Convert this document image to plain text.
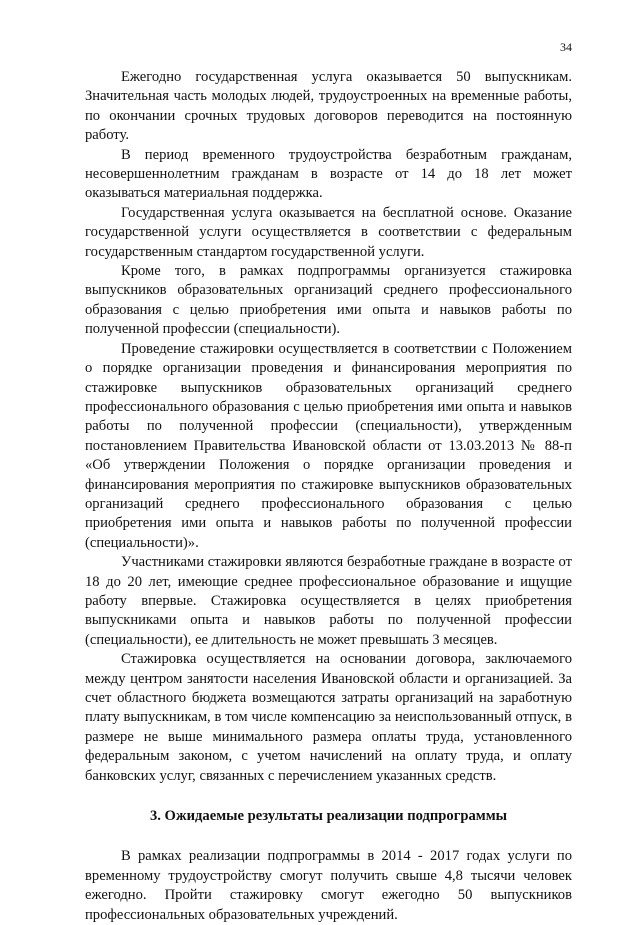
34

Ежегодно государственная услуга оказывается 50 выпускникам. Значительная часть молодых людей, трудоустроенных на временные работы, по окончании срочных трудовых договоров переводится на постоянную работу.

В период временного трудоустройства безработным гражданам, несовершеннолетним гражданам в возрасте от 14 до 18 лет может оказываться материальная поддержка.

Государственная услуга оказывается на бесплатной основе. Оказание государственной услуги осуществляется в соответствии с федеральным государственным стандартом государственной услуги.

Кроме того, в рамках подпрограммы организуется стажировка выпускников образовательных организаций среднего профессионального образования с целью приобретения ими опыта и навыков работы по полученной профессии (специальности).

Проведение стажировки осуществляется в соответствии с Положением о порядке организации проведения и финансирования мероприятия по стажировке выпускников образовательных организаций среднего профессионального образования с целью приобретения ими опыта и навыков работы по полученной профессии (специальности), утвержденным постановлением Правительства Ивановской области от 13.03.2013 № 88-п «Об утверждении Положения о порядке организации проведения и финансирования мероприятия по стажировке выпускников образовательных организаций среднего профессионального образования с целью приобретения ими опыта и навыков работы по полученной профессии (специальности)».

Участниками стажировки являются безработные граждане в возрасте от 18 до 20 лет, имеющие среднее профессиональное образование и ищущие работу впервые. Стажировка осуществляется в целях приобретения выпускниками опыта и навыков работы по полученной профессии (специальности), ее длительность не может превышать 3 месяцев.

Стажировка осуществляется на основании договора, заключаемого между центром занятости населения Ивановской области и организацией. За счет областного бюджета возмещаются затраты организаций на заработную плату выпускникам, в том числе компенсацию за неиспользованный отпуск, в размере не выше минимального размера оплаты труда, установленного федеральным законом, с учетом начислений на оплату труда, и оплату банковских услуг, связанных с перечислением указанных средств.

3. Ожидаемые результаты реализации подпрограммы

В рамках реализации подпрограммы в 2014 - 2017 годах услуги по временному трудоустройству смогут получить свыше 4,8 тысячи человек ежегодно. Пройти стажировку смогут ежегодно 50 выпускников профессиональных образовательных учреждений.
